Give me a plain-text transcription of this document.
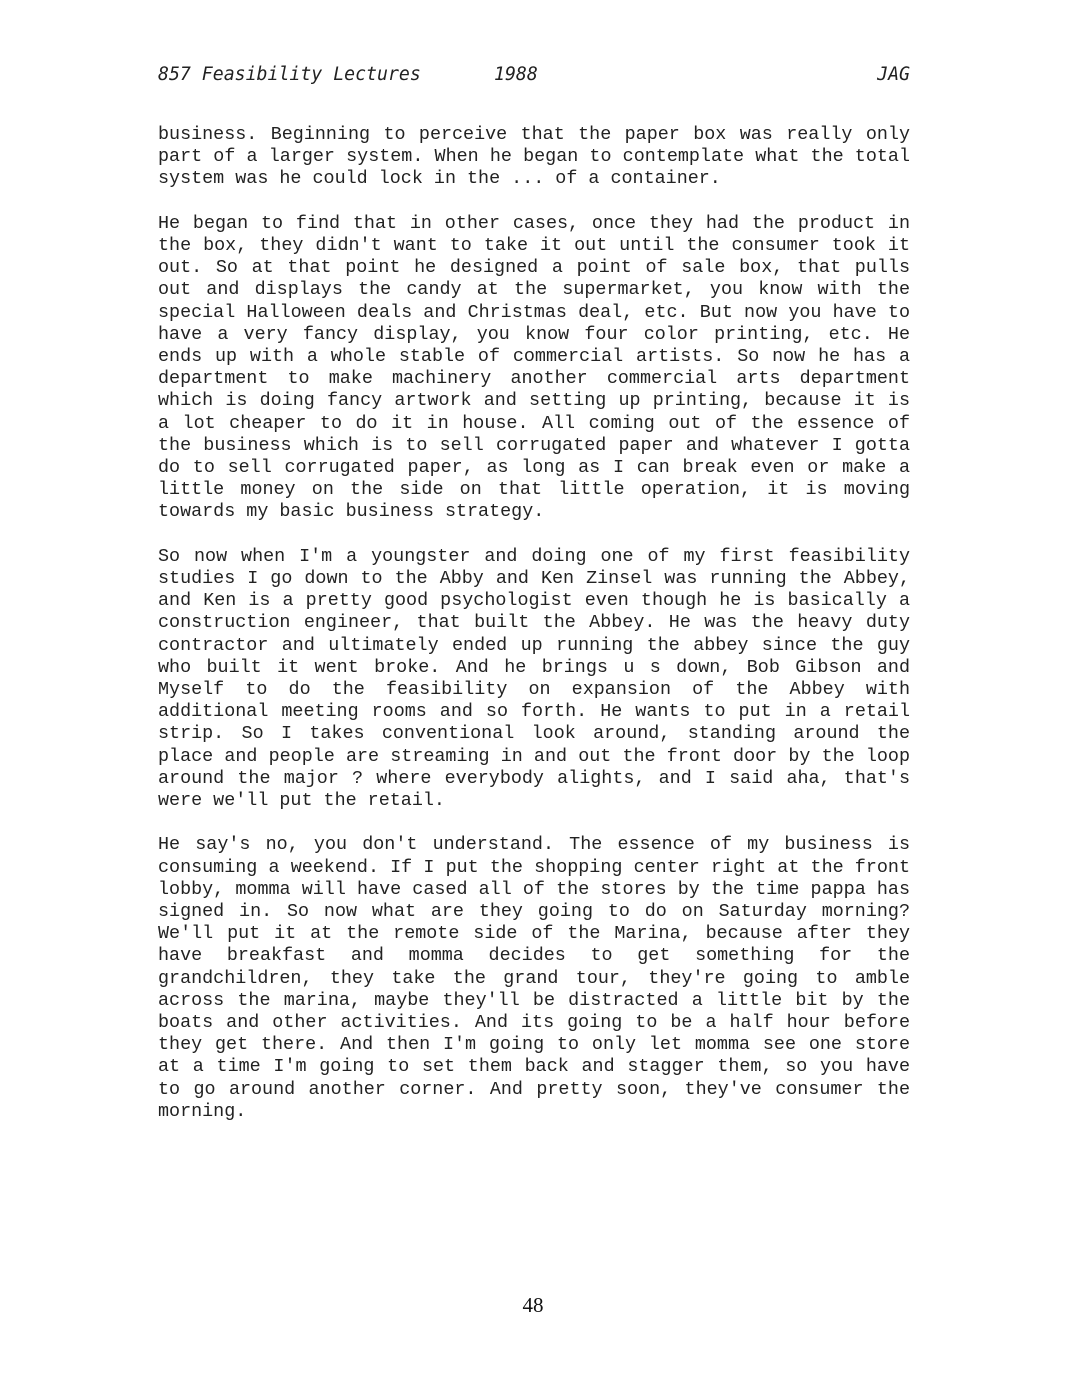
857 Feasibility Lectures

	1988

	JAG

business. Beginning to perceive that the paper box was really only part of a larger system. When he began to contemplate what the total system was he could lock in the ... of a container.

He began to find that in other cases, once they had the product in the box, they didn't want to take it out until the consumer took it out. So at that point he designed a point of sale box, that pulls out and displays the candy at the supermarket, you know with the special Halloween deals and Christmas deal, etc. But now you have to have a very fancy display, you know four color printing, etc. He ends up with a whole stable of commercial artists. So now he has a department to make machinery another commercial arts department which is doing fancy artwork and setting up printing, because it is a lot cheaper to do it in house. All coming out of the essence of the business which is to sell corrugated paper and whatever I gotta do to sell corrugated paper, as long as I can break even or make a little money on the side on that little operation, it is moving towards my basic business strategy.

So now when I'm a youngster and doing one of my first feasibility studies I go down to the Abby and Ken Zinsel was running the Abbey, and Ken is a pretty good psychologist even though he is basically a construction engineer, that built the Abbey. He was the heavy duty contractor and ultimately ended up running the abbey since the guy who built it went broke. And he brings u s down, Bob Gibson and Myself to do the feasibility on expansion of the Abbey with additional meeting rooms and so forth. He wants to put in a retail strip. So I takes conventional look around, standing around the place and people are streaming in and out the front door by the loop around the major ? where everybody alights, and I said aha, that's were we'll put the retail.

He say's no, you don't understand. The essence of my business is consuming a weekend. If I put the shopping center right at the front lobby, momma will have cased all of the stores by the time pappa has signed in. So now what are they going to do on Saturday morning? We'll put it at the remote side of the Marina, because after they have breakfast and momma decides to get something for the grandchildren, they take the grand tour, they're going to amble across the marina, maybe they'll be distracted a little bit by the boats and other activities. And its going to be a half hour before they get there. And then I'm going to only let momma see one store at a time I'm going to set them back and stagger them, so you have to go around another corner. And pretty soon, they've consumer the morning.

48
